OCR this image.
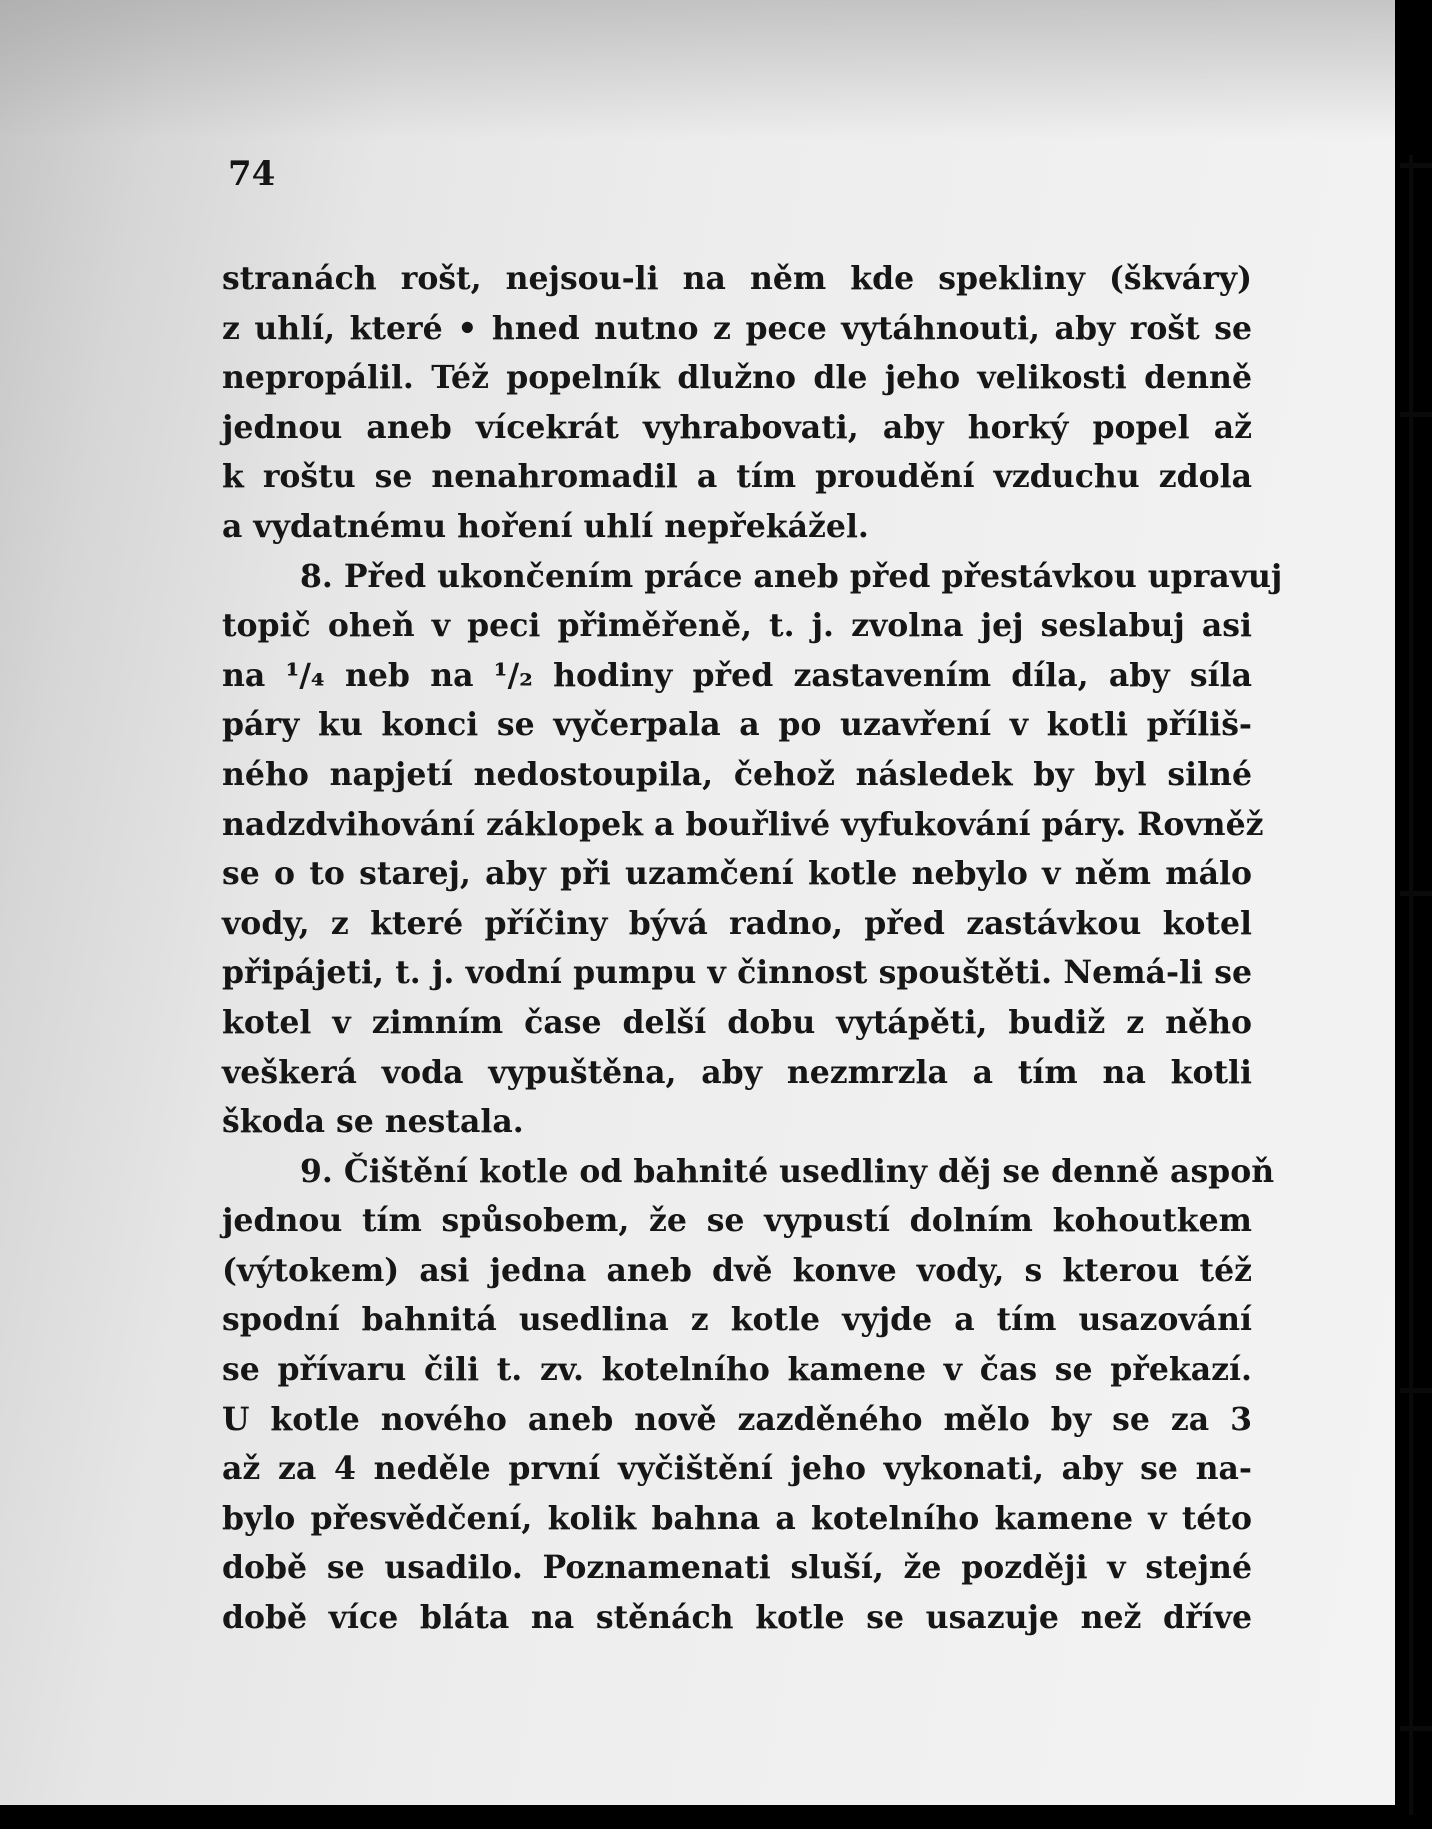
74
stranách rošt, nejsou-li na něm kde spekliny (škváry)
z uhlí, které • hned nutno z pece vytáhnouti, aby rošt se
nepropálil. Též popelník dlužno dle jeho velikosti denně
jednou aneb vícekrát vyhrabovati, aby horký popel až
k roštu se nenahromadil a tím proudění vzduchu zdola
a vydatnému hoření uhlí nepřekážel.
8. Před ukončením práce aneb před přestávkou upravuj
topič oheň v peci přiměřeně, t. j. zvolna jej seslabuj asi
na ¹/₄ neb na ¹/₂ hodiny před zastavením díla, aby síla
páry ku konci se vyčerpala a po uzavření v kotli příliš-
ného napjetí nedostoupila, čehož následek by byl silné
nadzdvihování záklopek a bouřlivé vyfukování páry. Rovněž
se o to starej, aby při uzamčení kotle nebylo v něm málo
vody, z které příčiny bývá radno, před zastávkou kotel
připájeti, t. j. vodní pumpu v činnost spouštěti. Nemá-li se
kotel v zimním čase delší dobu vytápěti, budiž z něho
veškerá voda vypuštěna, aby nezmrzla a tím na kotli
škoda se nestala.
9. Čištění kotle od bahnité usedliny děj se denně aspoň
jednou tím spůsobem, že se vypustí dolním kohoutkem
(výtokem) asi jedna aneb dvě konve vody, s kterou též
spodní bahnitá usedlina z kotle vyjde a tím usazování
se přívaru čili t. zv. kotelního kamene v čas se překazí.
U kotle nového aneb nově zazděného mělo by se za 3
až za 4 neděle první vyčištění jeho vykonati, aby se na-
bylo přesvědčení, kolik bahna a kotelního kamene v této
době se usadilo. Poznamenati sluší, že později v stejné
době více bláta na stěnách kotle se usazuje než dříve
